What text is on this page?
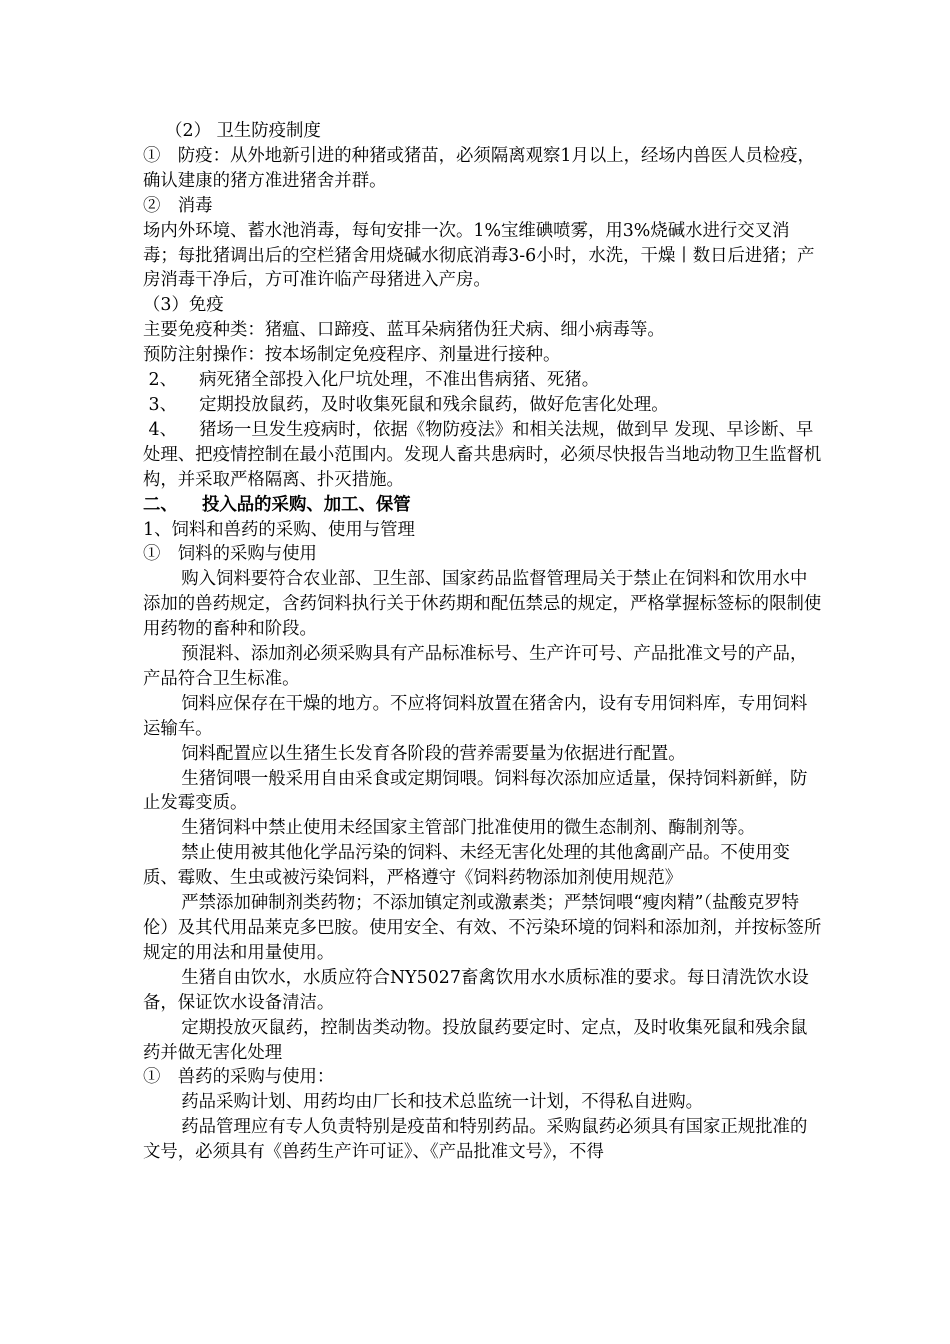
（2） 卫生防疫制度

①　防疫：从外地新引进的种猪或猪苗，必须隔离观察1月以上，经场内兽医人员检疫，确认建康的猪方准进猪舍并群。

②　消毒

场内外环境、蓄水池消毒，每旬安排一次。1%宝维碘喷雾，用3%烧碱水进行交叉消毒；每批猪调出后的空栏猪舍用烧碱水彻底消毒3-6小时，水洗，干燥丨数日后进猪；产房消毒干净后，方可准许临产母猪进入产房。

（3）免疫

主要免疫种类：猪瘟、口蹄疫、蓝耳朵病猪伪狂犬病、细小病毒等。

预防注射操作：按本场制定免疫程序、剂量进行接种。

2、    病死猪全部投入化尸坑处理，不准出售病猪、死猪。

3、    定期投放鼠药，及时收集死鼠和残余鼠药，做好危害化处理。

4、    猪场一旦发生疫病时，依据《物防疫法》和相关法规，做到早 发现、早诊断、早处理、把疫情控制在最小范围内。发现人畜共患病时，必须尽快报告当地动物卫生监督机构，并采取严格隔离、扑灭措施。

二、    投入品的采购、加工、保管

1、饲料和兽药的采购、使用与管理

①　饲料的采购与使用

购入饲料要符合农业部、卫生部、国家药品监督管理局关于禁止在饲料和饮用水中添加的兽药规定，含药饲料执行关于休药期和配伍禁忌的规定，严格掌握标签标的限制使用药物的畜种和阶段。

预混料、添加剂必须采购具有产品标准标号、生产许可号、产品批准文号的产品，产品符合卫生标准。

饲料应保存在干燥的地方。不应将饲料放置在猪舍内，设有专用饲料库，专用饲料运输车。

饲料配置应以生猪生长发育各阶段的营养需要量为依据进行配置。

生猪饲喂一般采用自由采食或定期饲喂。饲料每次添加应适量，保持饲料新鲜，防止发霉变质。

生猪饲料中禁止使用未经国家主管部门批准使用的微生态制剂、酶制剂等。

禁止使用被其他化学品污染的饲料、未经无害化处理的其他禽副产品。不使用变质、霉败、生虫或被污染饲料，严格遵守《饲料药物添加剂使用规范》

严禁添加砷制剂类药物；不添加镇定剂或激素类；严禁饲喂“瘦肉精”（盐酸克罗特伦）及其代用品莱克多巴胺。使用安全、有效、不污染环境的饲料和添加剂，并按标签所规定的用法和用量使用。

生猪自由饮水，水质应符合NY5027畜禽饮用水水质标准的要求。每日清洗饮水设备，保证饮水设备清洁。

定期投放灭鼠药，控制齿类动物。投放鼠药要定时、定点，及时收集死鼠和残余鼠药并做无害化处理

①　兽药的采购与使用：

药品采购计划、用药均由厂长和技术总监统一计划，不得私自进购。

药品管理应有专人负责特别是疫苗和特别药品。采购鼠药必须具有国家正规批准的文号，必须具有《兽药生产许可证》、《产品批准文号》，不得
